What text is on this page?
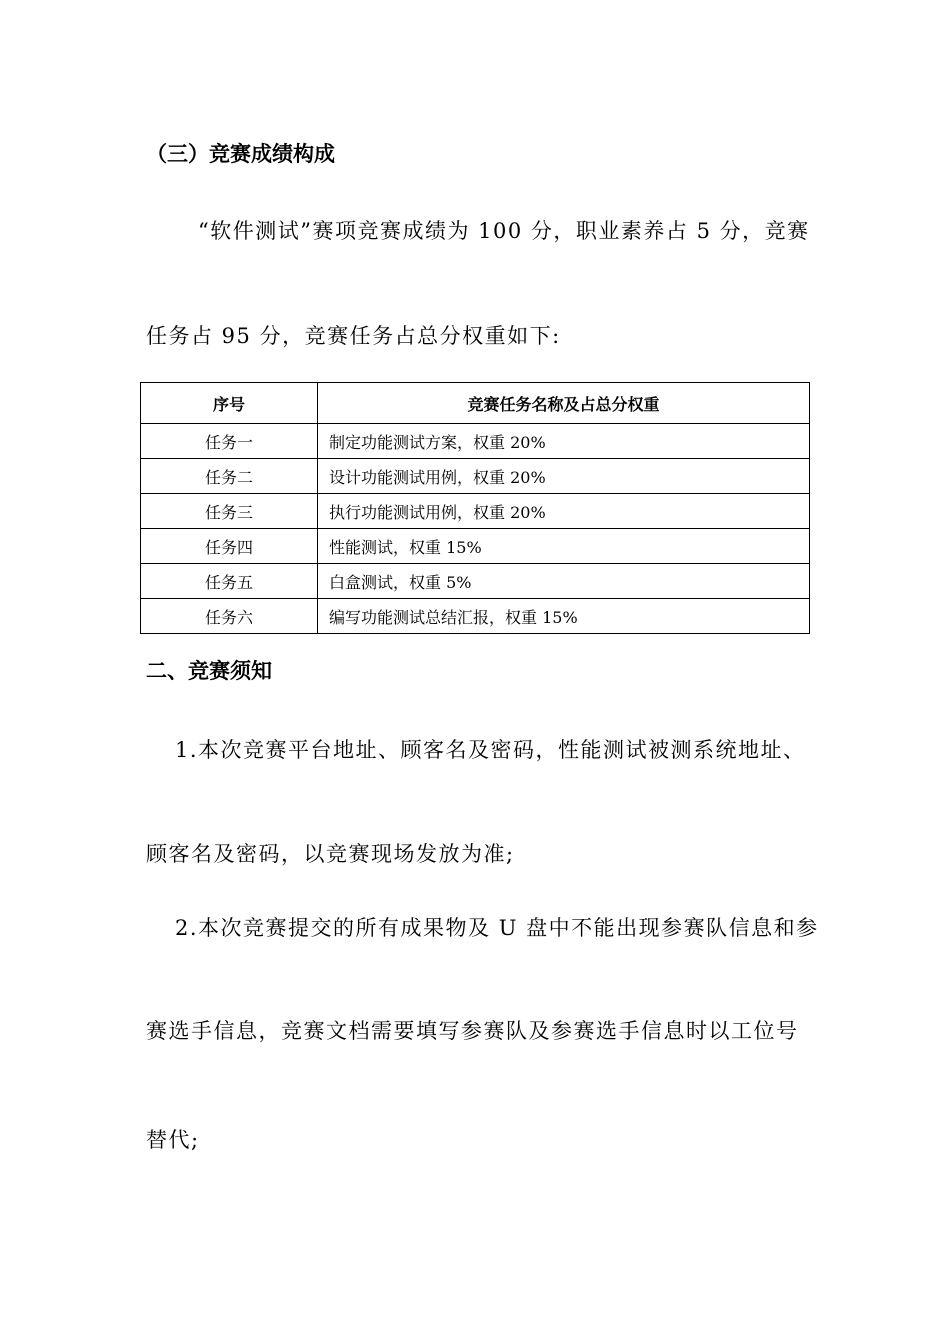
（三）竞赛成绩构成
“软件测试”赛项竞赛成绩为 100 分，职业素养占 5 分，竞赛
任务占 95 分，竞赛任务占总分权重如下:
序号	竞赛任务名称及占总分权重
任务一	制定功能测试方案，权重 20%
任务二	设计功能测试用例，权重 20%
任务三	执行功能测试用例，权重 20%
任务四	性能测试，权重 15%
任务五	白盒测试，权重 5%
任务六	编写功能测试总结汇报，权重 15%
二、竞赛须知
1.本次竞赛平台地址、顾客名及密码，性能测试被测系统地址、
顾客名及密码，以竞赛现场发放为准;
2.本次竞赛提交的所有成果物及 U 盘中不能出现参赛队信息和参
赛选手信息，竞赛文档需要填写参赛队及参赛选手信息时以工位号
替代;
